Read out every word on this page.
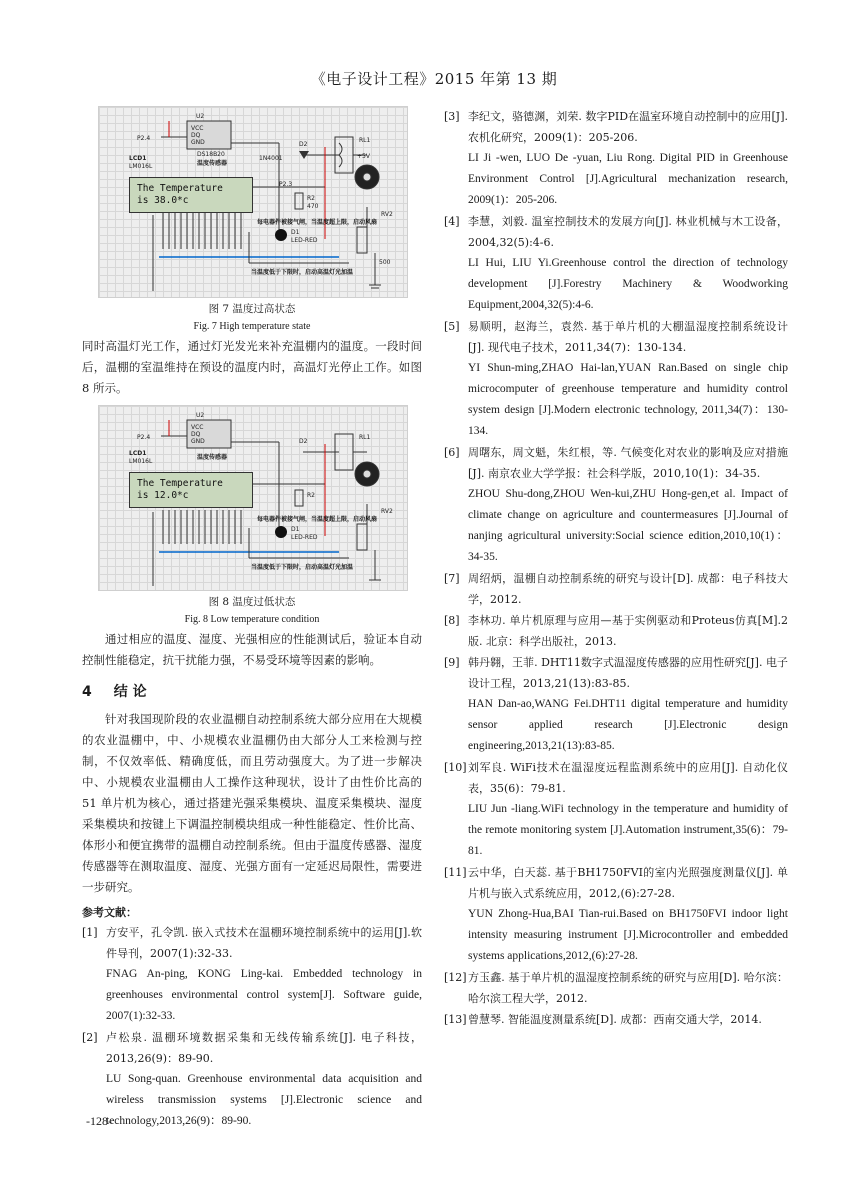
《电子设计工程》2015 年第 13 期
The Temperature
is 38.0*c
U2
VCC
DQ
GND
DS18B20
温度传感器
P2.4
LCD1
LM016L
D2
1N4001
RL1
+5V
P2.3
R2
470
D1
LED-RED
RV2
500
每电器件被接气闸，当温度超上限，启动风扇
当温度低于下限时，启动高温灯光加温
图 7 温度过高状态
Fig. 7 High temperature state

同时高温灯光工作，通过灯光发光来补充温棚内的温度。一段时间后，温棚的室温维持在预设的温度内时，高温灯光停止工作。如图 8 所示。

The Temperature
is 12.0*c
U2
VCC
DQ
GND
温度传感器
P2.4
LCD1
LM016L
D2
RL1
R2
D1
LED-RED
RV2
每电器件被接气闸，当温度超上限，启动风扇
当温度低于下限时，启动高温灯光加温
图 8 温度过低状态
Fig. 8 Low temperature condition

通过相应的温度、湿度、光强相应的性能测试后，验证本自动控制性能稳定，抗干扰能力强，不易受环境等因素的影响。

4 结 论

针对我国现阶段的农业温棚自动控制系统大部分应用在大规模的农业温棚中，中、小规模农业温棚仍由大部分人工来检测与控制，不仅效率低、精确度低，而且劳动强度大。为了进一步解决中、小规模农业温棚由人工操作这种现状，设计了由性价比高的 51 单片机为核心，通过搭建光强采集模块、温度采集模块、湿度采集模块和按键上下调温控制模块组成一种性能稳定、性价比高、体形小和便宜携带的温棚自动控制系统。但由于温度传感器、湿度传感器等在测取温度、湿度、光强方面有一定延迟局限性，需要进一步研究。

参考文献：
[1] 方安平，孔令凯. 嵌入式技术在温棚环境控制系统中的运用[J].软件导刊，2007(1):32-33.

FNAG An-ping, KONG Ling-kai. Embedded technology in greenhouses environmental control system[J]. Software guide, 2007(1):32-33.

[2] 卢松泉. 温棚环境数据采集和无线传输系统[J]. 电子科技，2013,26(9)：89-90.

LU Song-quan. Greenhouse environmental data acquisition and wireless transmission systems [J].Electronic science and technology,2013,26(9)：89-90.

[3] 李纪文，骆德渊，刘荣. 数字PID在温室环境自动控制中的应用[J]. 农机化研究，2009(1)：205-206.

LI Ji -wen, LUO De -yuan, Liu Rong. Digital PID in Greenhouse Environment Control [J].Agricultural mechanization research, 2009(1)：205-206.

[4] 李慧，刘毅. 温室控制技术的发展方向[J]. 林业机械与木工设备，2004,32(5):4-6.

LI Hui, LIU Yi.Greenhouse control the direction of technology development [J].Forestry Machinery & Woodworking Equipment,2004,32(5):4-6.

[5] 易顺明，赵海兰，袁然. 基于单片机的大棚温湿度控制系统设计[J]. 现代电子技术，2011,34(7)：130-134.

YI Shun-ming,ZHAO Hai-lan,YUAN Ran.Based on single chip microcomputer of greenhouse temperature and humidity control system design [J].Modern electronic technology, 2011,34(7)：130-134.

[6] 周曙东，周文魁，朱红根，等. 气候变化对农业的影响及应对措施[J]. 南京农业大学学报：社会科学版，2010,10(1)：34-35.

ZHOU Shu-dong,ZHOU Wen-kui,ZHU Hong-gen,et al. Impact of climate change on agriculture and countermeasures [J].Journal of nanjing agricultural university:Social science edition,2010,10(1)：34-35.

[7] 周绍炳，温棚自动控制系统的研究与设计[D]. 成都：电子科技大学，2012.

[8] 李林功. 单片机原理与应用—基于实例驱动和Proteus仿真[M].2版. 北京：科学出版社，2013.

[9] 韩丹翱，王菲. DHT11数字式温湿度传感器的应用性研究[J]. 电子设计工程，2013,21(13):83-85.

HAN Dan-ao,WANG Fei.DHT11 digital temperature and humidity sensor applied research [J].Electronic design engineering,2013,21(13):83-85.

[10] 刘军良. WiFi技术在温湿度远程监测系统中的应用[J]. 自动化仪表，35(6)：79-81.

LIU Jun -liang.WiFi technology in the temperature and humidity of the remote monitoring system [J].Automation instrument,35(6)：79-81.

[11] 云中华，白天蕊. 基于BH1750FVI的室内光照强度测量仪[J]. 单片机与嵌入式系统应用，2012,(6):27-28.

YUN Zhong-Hua,BAI Tian-rui.Based on BH1750FVI indoor light intensity measuring instrument [J].Microcontroller and embedded systems applications,2012,(6):27-28.

[12] 方玉鑫. 基于单片机的温湿度控制系统的研究与应用[D]. 哈尔滨：哈尔滨工程大学，2012.

[13] 曾慧琴. 智能温度测量系统[D]. 成都：西南交通大学，2014.

-128-
